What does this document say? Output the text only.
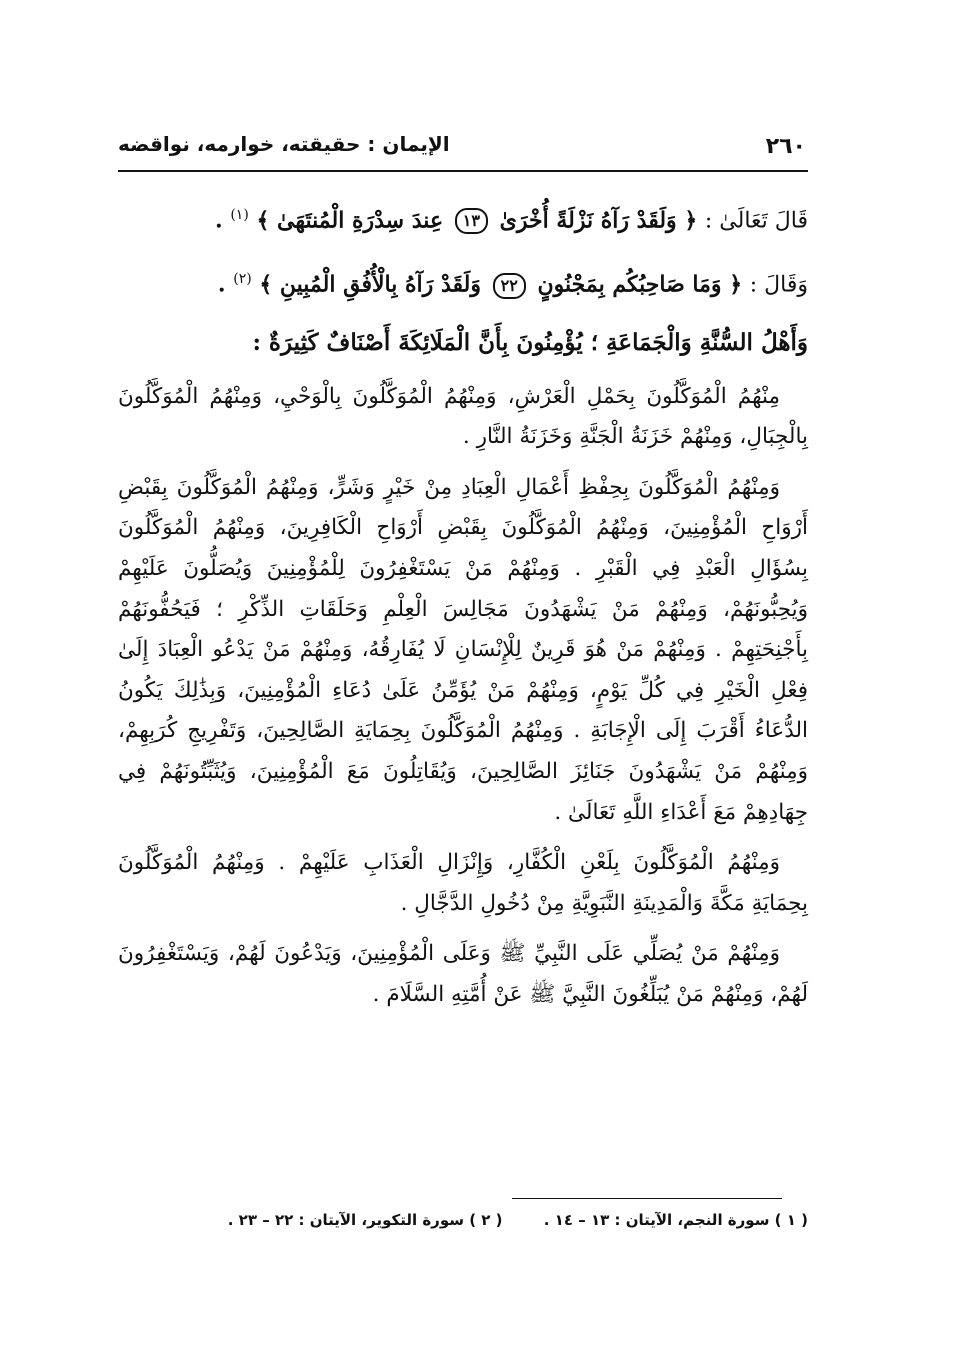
٢٦٠
الإيمان : حقيقته، خوارمه، نواقضه

قَالَ تَعَالَىٰ : ﴿ وَلَقَدْ رَآهُ نَزْلَةً أُخْرَىٰ ١٣ عِندَ سِدْرَةِ الْمُنتَهَىٰ ﴾ $^{(١)}$ .

وَقَالَ : ﴿ وَمَا صَاحِبُكُم بِمَجْنُونٍ ٢٢ وَلَقَدْ رَآهُ بِالْأُفُقِ الْمُبِينِ ﴾ $^{(٢)}$ .

وَأَهْلُ السُّنَّةِ وَالْجَمَاعَةِ ؛ يُؤْمِنُونَ بِأَنَّ الْمَلَائِكَةَ أَصْنَافٌ كَثِيرَةٌ :

مِنْهُمُ الْمُوَكَّلُونَ بِحَمْلِ الْعَرْشِ، وَمِنْهُمُ الْمُوَكَّلُونَ بِالْوَحْيِ، وَمِنْهُمُ الْمُوَكَّلُونَ بِالْجِبَالِ، وَمِنْهُمْ خَزَنَةُ الْجَنَّةِ وَخَزَنَةُ النَّارِ .

وَمِنْهُمُ الْمُوَكَّلُونَ بِحِفْظِ أَعْمَالِ الْعِبَادِ مِنْ خَيْرٍ وَشَرٍّ، وَمِنْهُمُ الْمُوَكَّلُونَ بِقَبْضِ أَرْوَاحِ الْمُؤْمِنِينَ، وَمِنْهُمُ الْمُوَكَّلُونَ بِقَبْضِ أَرْوَاحِ الْكَافِرِينَ، وَمِنْهُمُ الْمُوَكَّلُونَ بِسُؤَالِ الْعَبْدِ فِي الْقَبْرِ . وَمِنْهُمْ مَنْ يَسْتَغْفِرُونَ لِلْمُؤْمِنِينَ وَيُصَلُّونَ عَلَيْهِمْ وَيُحِبُّونَهُمْ، وَمِنْهُمْ مَنْ يَشْهَدُونَ مَجَالِسَ الْعِلْمِ وَحَلَقَاتِ الذِّكْرِ ؛ فَيَحُفُّونَهُمْ بِأَجْنِحَتِهِمْ . وَمِنْهُمْ مَنْ هُوَ قَرِينٌ لِلْإِنْسَانِ لَا يُفَارِقُهُ، وَمِنْهُمْ مَنْ يَدْعُو الْعِبَادَ إِلَىٰ فِعْلِ الْخَيْرِ فِي كُلِّ يَوْمٍ، وَمِنْهُمْ مَنْ يُؤَمِّنُ عَلَىٰ دُعَاءِ الْمُؤْمِنِينَ، وَبِذَٰلِكَ يَكُونُ الدُّعَاءُ أَقْرَبَ إِلَى الْإِجَابَةِ . وَمِنْهُمُ الْمُوَكَّلُونَ بِحِمَايَةِ الصَّالِحِينَ، وَتَفْرِيجِ كُرَبِهِمْ، وَمِنْهُمْ مَنْ يَشْهَدُونَ جَنَائِزَ الصَّالِحِينَ، وَيُقَاتِلُونَ مَعَ الْمُؤْمِنِينَ، وَيُثَبِّتُونَهُمْ فِي جِهَادِهِمْ مَعَ أَعْدَاءِ اللَّهِ تَعَالَىٰ .

وَمِنْهُمُ الْمُوَكَّلُونَ بِلَعْنِ الْكُفَّارِ، وَإِنْزَالِ الْعَذَابِ عَلَيْهِمْ . وَمِنْهُمُ الْمُوَكَّلُونَ بِحِمَايَةِ مَكَّةَ وَالْمَدِينَةِ النَّبَوِيَّةِ مِنْ دُخُولِ الدَّجَّالِ .

وَمِنْهُمْ مَنْ يُصَلِّي عَلَى النَّبِيِّ ﷺ وَعَلَى الْمُؤْمِنِينَ، وَيَدْعُونَ لَهُمْ، وَيَسْتَغْفِرُونَ لَهُمْ، وَمِنْهُمْ مَنْ يُبَلِّغُونَ النَّبِيَّ ﷺ عَنْ أُمَّتِهِ السَّلَامَ .

( ١ ) سورة النجم، الآيتان : ١٣ – ١٤ . ( ٢ ) سورة التكوير، الآيتان : ٢٢ – ٢٣ .
